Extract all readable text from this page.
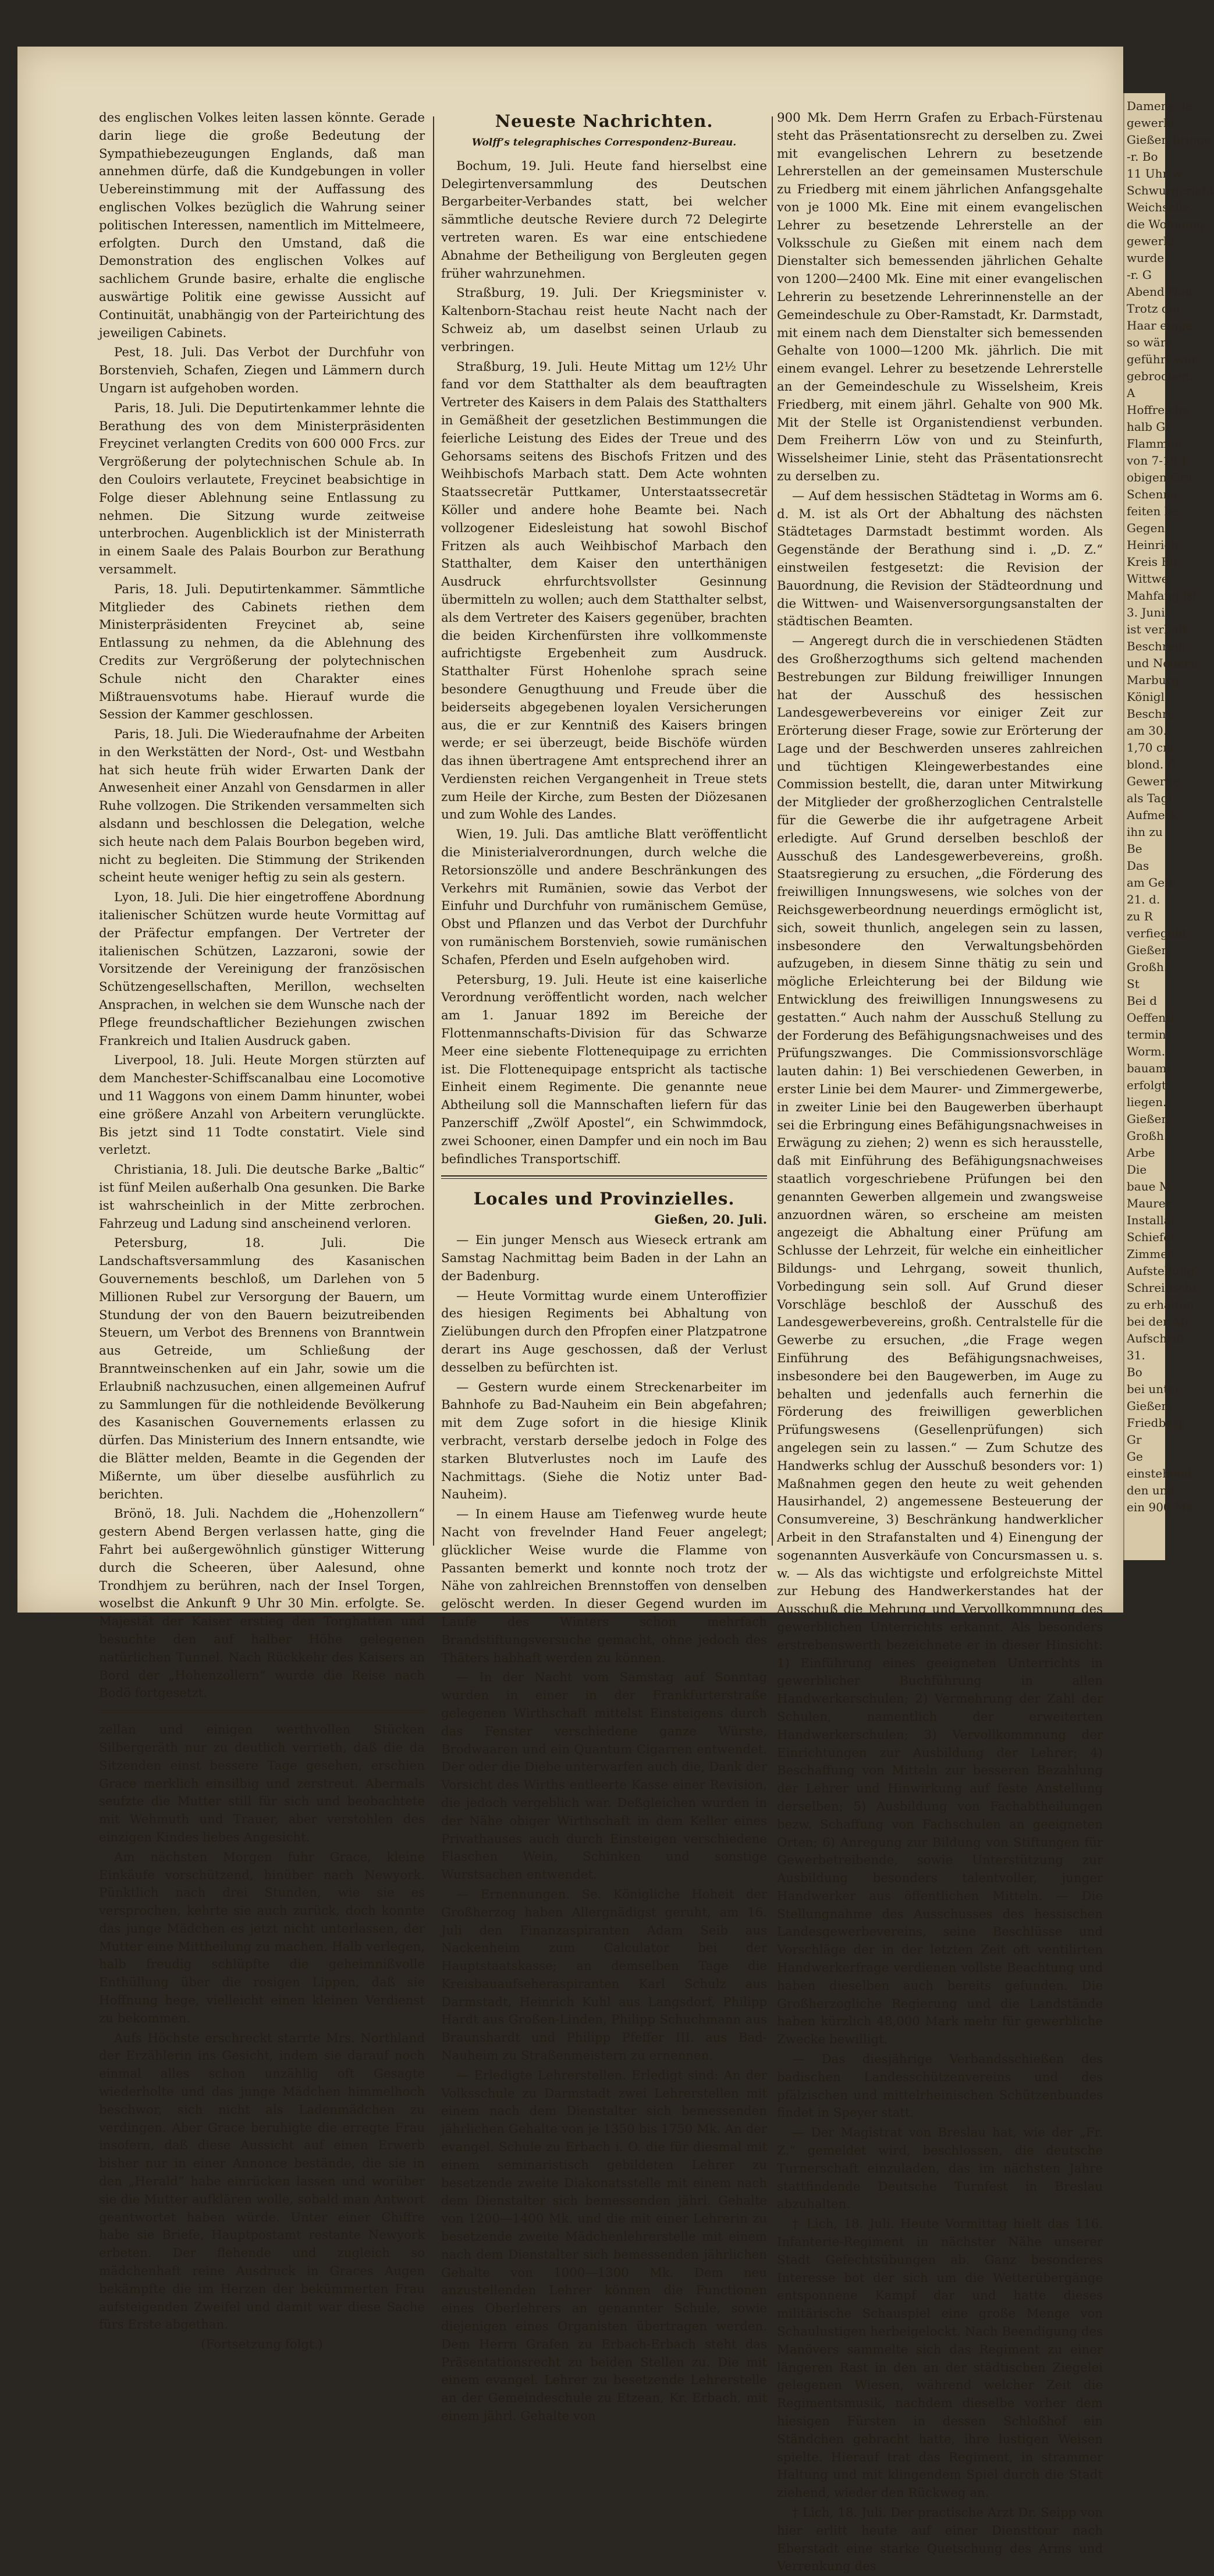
des englischen Volkes leiten lassen könnte. Gerade darin liege die große Bedeutung der Sympathiebezeugungen Englands, daß man annehmen dürfe, daß die Kundgebungen in voller Uebereinstimmung mit der Auffassung des englischen Volkes bezüglich die Wahrung seiner politischen Interessen, namentlich im Mittelmeere, erfolgten. Durch den Umstand, daß die Demonstration des englischen Volkes auf sachlichem Grunde basire, erhalte die englische auswärtige Politik eine gewisse Aussicht auf Continuität, unabhängig von der Parteirichtung des jeweiligen Cabinets.

Pest, 18. Juli. Das Verbot der Durchfuhr von Borstenvieh, Schafen, Ziegen und Lämmern durch Ungarn ist aufgehoben worden.

Paris, 18. Juli. Die Deputirtenkammer lehnte die Berathung des von dem Ministerpräsidenten Freycinet verlangten Credits von 600 000 Frcs. zur Vergrößerung der polytechnischen Schule ab. In den Couloirs verlautete, Freycinet beabsichtige in Folge dieser Ablehnung seine Entlassung zu nehmen. Die Sitzung wurde zeitweise unterbrochen. Augenblicklich ist der Ministerrath in einem Saale des Palais Bourbon zur Berathung versammelt.

Paris, 18. Juli. Deputirtenkammer. Sämmtliche Mitglieder des Cabinets riethen dem Ministerpräsidenten Freycinet ab, seine Entlassung zu nehmen, da die Ablehnung des Credits zur Vergrößerung der polytechnischen Schule nicht den Charakter eines Mißtrauensvotums habe. Hierauf wurde die Session der Kammer geschlossen.

Paris, 18. Juli. Die Wiederaufnahme der Arbeiten in den Werkstätten der Nord-, Ost- und Westbahn hat sich heute früh wider Erwarten Dank der Anwesenheit einer Anzahl von Gensdarmen in aller Ruhe vollzogen. Die Strikenden versammelten sich alsdann und beschlossen die Delegation, welche sich heute nach dem Palais Bourbon begeben wird, nicht zu begleiten. Die Stimmung der Strikenden scheint heute weniger heftig zu sein als gestern.

Lyon, 18. Juli. Die hier eingetroffene Abordnung italienischer Schützen wurde heute Vormittag auf der Präfectur empfangen. Der Vertreter der italienischen Schützen, Lazzaroni, sowie der Vorsitzende der Vereinigung der französischen Schützengesellschaften, Merillon, wechselten Ansprachen, in welchen sie dem Wunsche nach der Pflege freundschaftlicher Beziehungen zwischen Frankreich und Italien Ausdruck gaben.

Liverpool, 18. Juli. Heute Morgen stürzten auf dem Manchester-Schiffscanalbau eine Locomotive und 11 Waggons von einem Damm hinunter, wobei eine größere Anzahl von Arbeitern verunglückte. Bis jetzt sind 11 Todte constatirt. Viele sind verletzt.

Christiania, 18. Juli. Die deutsche Barke „Baltic“ ist fünf Meilen außerhalb Ona gesunken. Die Barke ist wahrscheinlich in der Mitte zerbrochen. Fahrzeug und Ladung sind anscheinend verloren.

Petersburg, 18. Juli. Die Landschaftsversammlung des Kasanischen Gouvernements beschloß, um Darlehen von 5 Millionen Rubel zur Versorgung der Bauern, um Stundung der von den Bauern beizutreibenden Steuern, um Verbot des Brennens von Branntwein aus Getreide, um Schließung der Branntweinschenken auf ein Jahr, sowie um die Erlaubniß nachzusuchen, einen allgemeinen Aufruf zu Sammlungen für die nothleidende Bevölkerung des Kasanischen Gouvernements erlassen zu dürfen. Das Ministerium des Innern entsandte, wie die Blätter melden, Beamte in die Gegenden der Mißernte, um über dieselbe ausführlich zu berichten.

Brönö, 18. Juli. Nachdem die „Hohenzollern“ gestern Abend Bergen verlassen hatte, ging die Fahrt bei außergewöhnlich günstiger Witterung durch die Scheeren, über Aalesund, ohne Trondhjem zu berühren, nach der Insel Torgen, woselbst die Ankunft 9 Uhr 30 Min. erfolgte. Se. Majestät der Kaiser erstieg den Torghatten und besuchte den auf halber Höhe gelegenen natürlichen Tunnel. Nach Rückkehr des Kaisers an Bord der „Hohenzollern“ wurde die Reise nach Bodö fortgesetzt.

zellan und einigen werthvollen Stücken Silbergeräth nur zu deutlich verrieth, daß die da Sitzenden einst bessere Tage gesehen, erschien Grace merklich einsilbig und zerstreut. Abermals seufzte die Mutter still für sich und beobachtete mit Wehmuth und Trauer, aber verstohlen des einzigen Kindes liebes Angesicht.

Am nächsten Morgen fuhr Grace, kleine Einkäufe vorschützend, hinüber nach Newyork. Pünktlich nach drei Stunden, wie sie es versprochen, kehrte sie auch zurück, doch konnte das junge Mädchen es jetzt nicht unterlassen, der Mutter eine Mittheilung zu machen. Halb verlegen, halb freudig schlüpfte die geheimnißvolle Enthüllung über die rosigen Lippen, daß sie Hoffnung hege, vielleicht einen kleinen Verdienst zu bekommen.

Aufs Höchste erschreckt starrte Mrs. Northland der Erzählerin ins Gesicht, indem sie darauf noch einmal alles schon unzählig oft Gesagte wiederholte und das junge Mädchen himmelhoch beschwor, sich nicht als Ladenmädchen zu verdingen. Aber Grace beruhigte die erregte Frau insofern, daß diese Aussicht auf einen Erwerb bisher nur in einer Annonce bestände, die sie in den „Herald“ habe einrücken lassen und worüber sie die Mutter aufklären wolle, sobald man Antwort geantwortet haben würde. Unter einer Chiffre habe sie Briefe, Hauptpostamt restante Newyork erbeten. Der flehende und zugleich so mädchenhaft reine Ausdruck in Graces Augen bekämpfte die im Herzen der bekümmerten Frau aufsteigenden Zweifel und damit war diese Sache fürs Erste abgethan.

(Fortsetzung folgt.)

Neueste Nachrichten.
Wolff’s telegraphisches Correspondenz-Bureau.

Bochum, 19. Juli. Heute fand hierselbst eine Delegirtenversammlung des Deutschen Bergarbeiter-Verbandes statt, bei welcher sämmtliche deutsche Reviere durch 72 Delegirte vertreten waren. Es war eine entschiedene Abnahme der Betheiligung von Bergleuten gegen früher wahrzunehmen.

Straßburg, 19. Juli. Der Kriegsminister v. Kaltenborn-Stachau reist heute Nacht nach der Schweiz ab, um daselbst seinen Urlaub zu verbringen.

Straßburg, 19. Juli. Heute Mittag um 12½ Uhr fand vor dem Statthalter als dem beauftragten Vertreter des Kaisers in dem Palais des Statthalters in Gemäßheit der gesetzlichen Bestimmungen die feierliche Leistung des Eides der Treue und des Gehorsams seitens des Bischofs Fritzen und des Weihbischofs Marbach statt. Dem Acte wohnten Staatssecretär Puttkamer, Unterstaatssecretär Köller und andere hohe Beamte bei. Nach vollzogener Eidesleistung hat sowohl Bischof Fritzen als auch Weihbischof Marbach den Statthalter, dem Kaiser den unterthänigen Ausdruck ehrfurchtsvollster Gesinnung übermitteln zu wollen; auch dem Statthalter selbst, als dem Vertreter des Kaisers gegenüber, brachten die beiden Kirchenfürsten ihre vollkommenste aufrichtigste Ergebenheit zum Ausdruck. Statthalter Fürst Hohenlohe sprach seine besondere Genugthuung und Freude über die beiderseits abgegebenen loyalen Versicherungen aus, die er zur Kenntniß des Kaisers bringen werde; er sei überzeugt, beide Bischöfe würden das ihnen übertragene Amt entsprechend ihrer an Verdiensten reichen Vergangenheit in Treue stets zum Heile der Kirche, zum Besten der Diözesanen und zum Wohle des Landes.

Wien, 19. Juli. Das amtliche Blatt veröffentlicht die Ministerialverordnungen, durch welche die Retorsionszölle und andere Beschränkungen des Verkehrs mit Rumänien, sowie das Verbot der Einfuhr und Durchfuhr von rumänischem Gemüse, Obst und Pflanzen und das Verbot der Durchfuhr von rumänischem Borstenvieh, sowie rumänischen Schafen, Pferden und Eseln aufgehoben wird.

Petersburg, 19. Juli. Heute ist eine kaiserliche Verordnung veröffentlicht worden, nach welcher am 1. Januar 1892 im Bereiche der Flottenmannschafts-Division für das Schwarze Meer eine siebente Flottenequipage zu errichten ist. Die Flottenequipage entspricht als tactische Einheit einem Regimente. Die genannte neue Abtheilung soll die Mannschaften liefern für das Panzerschiff „Zwölf Apostel“, ein Schwimmdock, zwei Schooner, einen Dampfer und ein noch im Bau befindliches Transportschiff.

Locales und Provinzielles.
Gießen, 20. Juli.

— Ein junger Mensch aus Wieseck ertrank am Samstag Nachmittag beim Baden in der Lahn an der Badenburg.

— Heute Vormittag wurde einem Unteroffizier des hiesigen Regiments bei Abhaltung von Zielübungen durch den Pfropfen einer Platzpatrone derart ins Auge geschossen, daß der Verlust desselben zu befürchten ist.

— Gestern wurde einem Streckenarbeiter im Bahnhofe zu Bad-Nauheim ein Bein abgefahren; mit dem Zuge sofort in die hiesige Klinik verbracht, verstarb derselbe jedoch in Folge des starken Blutverlustes noch im Laufe des Nachmittags. (Siehe die Notiz unter Bad-Nauheim).

— In einem Hause am Tiefenweg wurde heute Nacht von frevelnder Hand Feuer angelegt; glücklicher Weise wurde die Flamme von Passanten bemerkt und konnte noch trotz der Nähe von zahlreichen Brennstoffen von denselben gelöscht werden. In dieser Gegend wurden im Laufe des Winters schon mehrfach Brandstiftungsversuche gemacht, ohne jedoch des Thäters habhaft werden zu können.

— In der Nacht vom Samstag auf Sonntag wurden in einer in der Frankfurterstraße gelegenen Wirthschaft mittelst Einsteigens durch das Fenster verschiedene ganze Würste, Brodwaaren und ein Quantum Cigarren entwendet. Der oder die Diebe unterwarfen auch die, Dank der Vorsicht des Wirths entleerte Kasse einer Revision, die jedoch vergeblich war. Deßgleichen wurden in der Nähe obiger Wirthschaft in dem Keller eines Privathauses auch durch Einsteigen verschiedene Flaschen Wein, Schinken und sonstige Wurstsachen entwendet.

— Ernennungen. Se. Königliche Hoheit der Großherzog haben Allergnädigst geruht, am 16. Juli den Finanzaspiranten Adam Seib aus Nackenheim zum Calculator bei der Hauptstaatskasse; an demselben Tage die Kreisbauaufseheraspiranten Karl Schulz aus Darmstadt, Heinrich Kuhl aus Langsdorf, Philipp Hardt aus Großen-Linden, Philipp Schuchmann aus Braunshardt und Philipp Pfeffer III. aus Bad-Nauheim zu Straßenmeistern zu ernennen.

— Erledigte Lehrerstellen. Erledigt sind: An der Volksschule zu Darmstadt zwei Lehrerstellen mit einem nach dem Dienstalter sich bemessenden jährlichen Gehalte von je 1350 bis 1750 Mk. An der evangel. Schule zu Erbach i. O. die für diesmal mit einem seminaristisch gebildeten Lehrer zu besetzende zweite Diakonatsstelle mit einem nach dem Dienstalter sich bemessenden jährl. Gehalte von 1200—1400 Mk. und die mit einer Lehrerin zu besetzende zweite Mädchenlehrerstelle mit einem nach dem Dienstalter sich bemessenden jährlichen Gehalte von 1000—1300 Mk. Dem neu anzustellenden Lehrer können die Functionen eines Oberlehrers an genannter Schule, sowie diejenigen eines Organisten übertragen werden. Dem Herrn Grafen zu Erbach-Erbach steht das Präsentationsrecht zu beiden Stellen zu. Die mit einem evangel. Lehrer zu besetzende Lehrerstelle an der Gemeindeschule zu Etzean, Kr. Erbach, mit einem jährl. Gehalte von

900 Mk. Dem Herrn Grafen zu Erbach-Fürstenau steht das Präsentationsrecht zu derselben zu. Zwei mit evangelischen Lehrern zu besetzende Lehrerstellen an der gemeinsamen Musterschule zu Friedberg mit einem jährlichen Anfangsgehalte von je 1000 Mk. Eine mit einem evangelischen Lehrer zu besetzende Lehrerstelle an der Volksschule zu Gießen mit einem nach dem Dienstalter sich bemessenden jährlichen Gehalte von 1200—2400 Mk. Eine mit einer evangelischen Lehrerin zu besetzende Lehrerinnenstelle an der Gemeindeschule zu Ober-Ramstadt, Kr. Darmstadt, mit einem nach dem Dienstalter sich bemessenden Gehalte von 1000—1200 Mk. jährlich. Die mit einem evangel. Lehrer zu besetzende Lehrerstelle an der Gemeindeschule zu Wisselsheim, Kreis Friedberg, mit einem jährl. Gehalte von 900 Mk. Mit der Stelle ist Organistendienst verbunden. Dem Freiherrn Löw von und zu Steinfurth, Wisselsheimer Linie, steht das Präsentationsrecht zu derselben zu.

— Auf dem hessischen Städtetag in Worms am 6. d. M. ist als Ort der Abhaltung des nächsten Städtetages Darmstadt bestimmt worden. Als Gegenstände der Berathung sind i. „D. Z.“ einstweilen festgesetzt: die Revision der Bauordnung, die Revision der Städteordnung und die Wittwen- und Waisenversorgungsanstalten der städtischen Beamten.

— Angeregt durch die in verschiedenen Städten des Großherzogthums sich geltend machenden Bestrebungen zur Bildung freiwilliger Innungen hat der Ausschuß des hessischen Landesgewerbevereins vor einiger Zeit zur Erörterung dieser Frage, sowie zur Erörterung der Lage und der Beschwerden unseres zahlreichen und tüchtigen Kleingewerbestandes eine Commission bestellt, die, daran unter Mitwirkung der Mitglieder der großherzoglichen Centralstelle für die Gewerbe die ihr aufgetragene Arbeit erledigte. Auf Grund derselben beschloß der Ausschuß des Landesgewerbevereins, großh. Staatsregierung zu ersuchen, „die Förderung des freiwilligen Innungswesens, wie solches von der Reichsgewerbeordnung neuerdings ermöglicht ist, sich, soweit thunlich, angelegen sein zu lassen, insbesondere den Verwaltungsbehörden aufzugeben, in diesem Sinne thätig zu sein und mögliche Erleichterung bei der Bildung wie Entwicklung des freiwilligen Innungswesens zu gestatten.“ Auch nahm der Ausschuß Stellung zu der Forderung des Befähigungsnachweises und des Prüfungszwanges. Die Commissionsvorschläge lauten dahin: 1) Bei verschiedenen Gewerben, in erster Linie bei dem Maurer- und Zimmergewerbe, in zweiter Linie bei den Baugewerben überhaupt sei die Erbringung eines Befähigungsnachweises in Erwägung zu ziehen; 2) wenn es sich herausstelle, daß mit Einführung des Befähigungsnachweises staatlich vorgeschriebene Prüfungen bei den genannten Gewerben allgemein und zwangsweise anzuordnen wären, so erscheine am meisten angezeigt die Abhaltung einer Prüfung am Schlusse der Lehrzeit, für welche ein einheitlicher Bildungs- und Lehrgang, soweit thunlich, Vorbedingung sein soll. Auf Grund dieser Vorschläge beschloß der Ausschuß des Landesgewerbevereins, großh. Centralstelle für die Gewerbe zu ersuchen, „die Frage wegen Einführung des Befähigungsnachweises, insbesondere bei den Baugewerben, im Auge zu behalten und jedenfalls auch fernerhin die Förderung des freiwilligen gewerblichen Prüfungswesens (Gesellenprüfungen) sich angelegen sein zu lassen.“ — Zum Schutze des Handwerks schlug der Ausschuß besonders vor: 1) Maßnahmen gegen den heute zu weit gehenden Hausirhandel, 2) angemessene Besteuerung der Consumvereine, 3) Beschränkung handwerklicher Arbeit in den Strafanstalten und 4) Einengung der sogenannten Ausverkäufe von Concursmassen u. s. w. — Als das wichtigste und erfolgreichste Mittel zur Hebung des Handwerkerstandes hat der Ausschuß die Mehrung und Vervollkommnung des gewerblichen Unterrichts erkannt. Als besonders erstrebenswerth bezeichnete er in dieser Hinsicht: 1) Einführung eines geeigneten Unterrichts in gewerblicher Buchführung in allen Handwerkerschulen; 2) Vermehrung der Zahl der Schulen, namentlich der erweiterten Handwerkerschulen; 3) Vervollkommnung der Einrichtungen zur Ausbildung der Lehrer; 4) Beschaffung von Mitteln zur besseren Bezahlung der Lehrer und Hinwirkung auf feste Anstellung derselben; 5) Ausbildung von Fachabtheilungen bezw. Schaffung von Fachschulen an geeigneten Orten; 6) Anregung zur Bildung von Stiftungen für Gewerbetreibende, sowie Unterstützung zur Ausbildung besonders talentvoller, junger Handwerker aus öffentlichen Mitteln. — Die Stellungnahme des Ausschusses des hessischen Landesgewerbevereins, seine Beschlüsse und Vorschläge der in der letzten Zeit oft ventilirten Handwerkerfrage verdienen vollste Beachtung und haben dieselben auch bereits gefunden. Die Großherzogliche Regierung und die Landstände haben kürzlich 48,000 Mark mehr für gewerbliche Zwecke bewilligt.

— Das diesjährige Verbandsschießen des badischen Landesschützenvereins und des pfälzischen und mittelrheinischen Schützenbundes findet in Speyer statt.

— Der Magistrat von Breslau hat, wie der „Fr. Z.“ gemeldet wird, beschlossen, die deutsche Turnerschaft einzuladen, das im nächsten Jahre stattfindende Deutsche Turnfest in Breslau abzuhalten.

† Lich, 18. Juli. Heute Vormittag hielt das 116. Infanterie-Regiment in nächster Nähe unserer Stadt Gefechtsübungen ab. Ganz besonderes Interesse bot der sich um die Wetterübergänge entsponnene Kampf dar und hatte dieses militärische Schauspiel eine große Menge von Schaulustigen herbeigelockt. Nach Beendigung des Manövers sammelte sich das Regiment zu einer längeren Rast in den an der städtischen Ziegelei gelegenen Wiesen, während welcher Zeit die Regimentsmusik, nachdem dieselbe vorher dem hiesigen Fürsten in dessen Schloßhof ein Ständchen gebracht hatte, ihre lustigen Weisen spielte. Hierauf trat das Regiment, in strammer Haltung und mit klingendem Spiel durch die Stadt ziehend, wieder den Rückweg an.

† Lich, 18. Juli. Der practische Arzt Dr. Seipp von hier erlitt heute auf einer Diensttour nach Eberstadt eine starke Quetschung des Arms und Verrenkung des

Damens de
gewerkl.
Gießen bringe
-r. Bo
11 Uhr w
Schwurgericht
Weichselle
die Wohnung
gewerkl.
wurde.
-r. G
Abend Hau
Trotz der
Haar einge
so wäre
geführt wur
gebrochen.
A
Hoffreiche
halb Gr
Flammen.
von 7-10 J
obigen Gru
Schenne
feiten be
Gegen
Heinrich
Kreis Bü
Wittwe
Mahfang ist
3. Juni
ist verhaft
Beschreib
und Neuerb
Marburg
Königl
Beschre
am 30.
1,70 cm
blond. G
Gewerbe
als Tagl
Aufmerk
ihn zu
Be
Das
am Geſe
21. d.
zu R
verfiegeht
Gießen,
Großh.
St
Bei d
Oeffentl
termin
Worm.
bauamt
erfolgt
liegen.
Gießen,
Großh.
Arbe
Die
baue M
Maurer
Installat
Schiefer
Zimmer
Aufstellung
Schreibschr.
zu erhalten
bei der Ab
Aufschrift
31.
Bo
bei unter
Gießen,
Friedberg
Gr
Ge
einstehend
den und
ein 900 Mk
